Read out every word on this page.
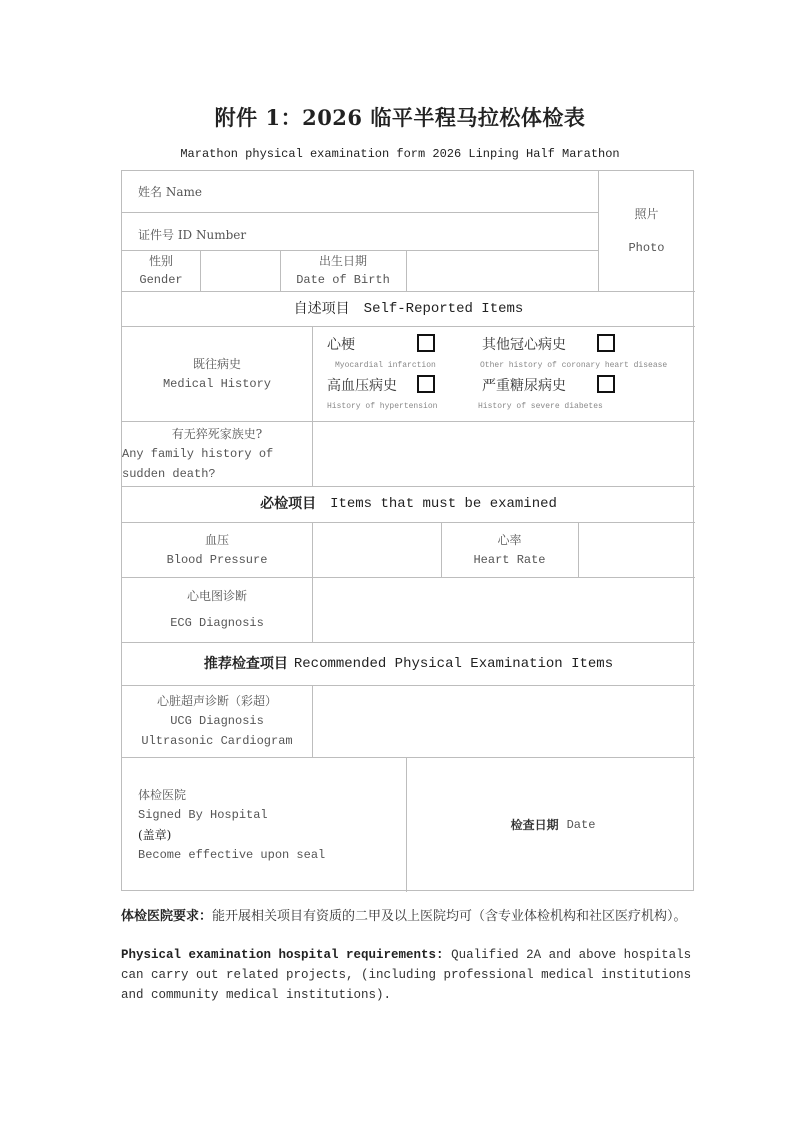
附件 1：2026 临平半程马拉松体检表
Marathon physical examination form 2026 Linping Half Marathon
姓名 Name
证件号 ID Number
性别
Gender
出生日期
Date of Birth
照片
Photo
自述项目 Self-Reported Items
既往病史
Medical History
心梗
Myocardial infarction
其他冠心病史
Other history of coronary heart disease
高血压病史
History of hypertension
严重糖尿病史
History of severe diabetes
有无猝死家族史?
Any family history of sudden death?
必检项目 Items that must be examined
血压
Blood Pressure
心率
Heart Rate
心电图诊断
ECG Diagnosis
推荐检查项目 Recommended Physical Examination Items
心脏超声诊断（彩超）
UCG Diagnosis
Ultrasonic Cardiogram
体检医院
Signed By Hospital
(盖章)
Become effective upon seal
检查日期 Date
体检医院要求：能开展相关项目有资质的二甲及以上医院均可（含专业体检机构和社区医疗机构）。
Physical examination hospital requirements: Qualified 2A and above hospitals can carry out related projects, (including professional medical institutions and community medical institutions).
